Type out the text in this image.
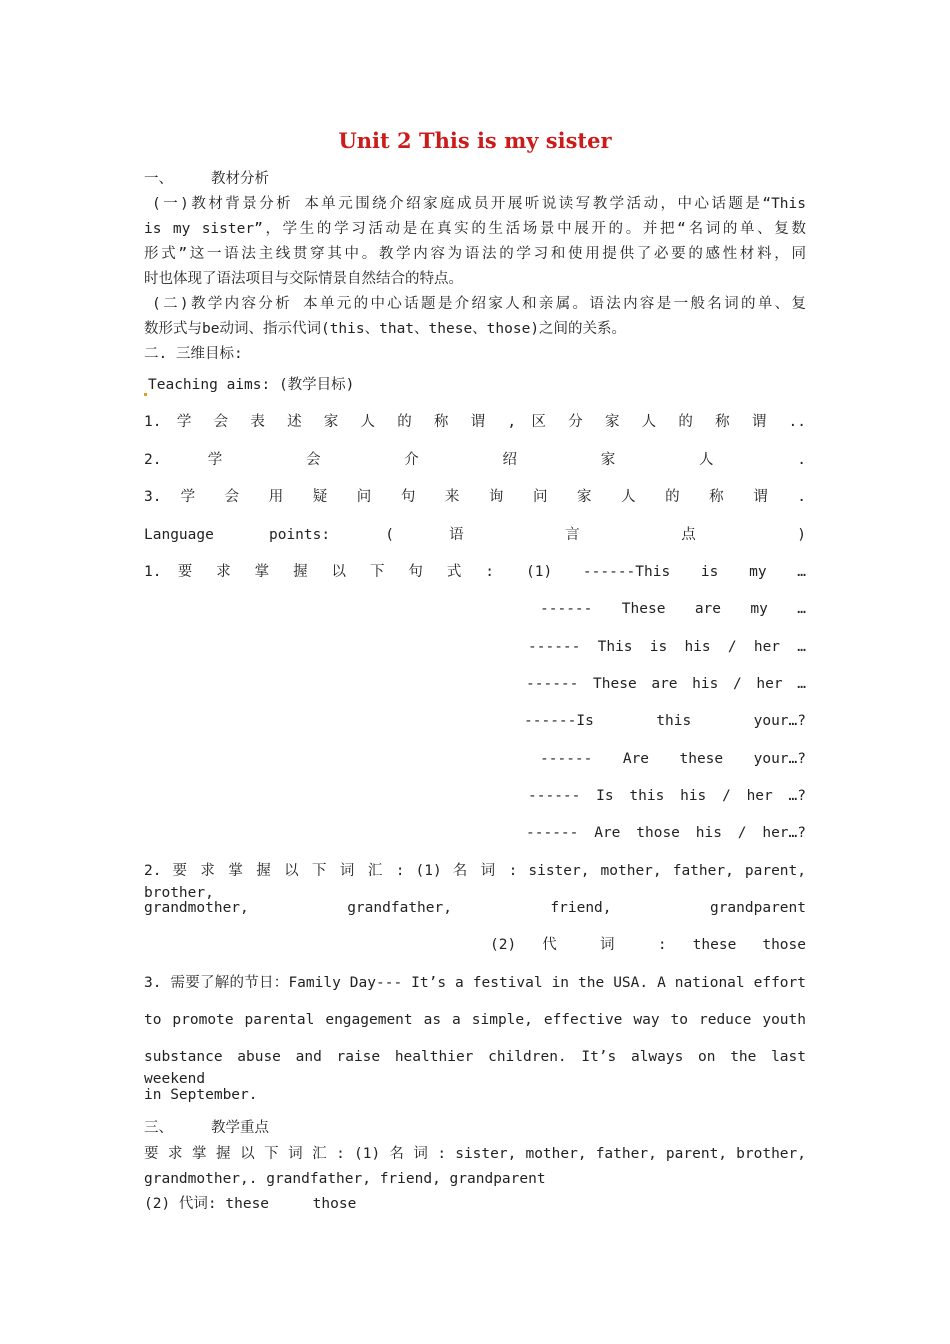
Unit 2 This is my sister
一、	教材分析
(一)教材背景分析 本单元围绕介绍家庭成员开展听说读写教学活动，中心话题是“This
is my sister”，学生的学习活动是在真实的生活场景中展开的。并把“名词的单、复数
形式”这一语法主线贯穿其中。教学内容为语法的学习和使用提供了必要的感性材料，同
时也体现了语法项目与交际情景自然结合的特点。
(二)教学内容分析 本单元的中心话题是介绍家人和亲属。语法内容是一般名词的单、复
数形式与be动词、指示代词(this、that、these、those)之间的关系。
二. 三维目标:
Teaching aims: (教学目标)
1. 学 会 表 述 家 人 的 称 谓 , 区 分 家 人 的 称 谓 ..
2. 学 会 介 绍 家 人 .
3. 学 会 用 疑 问 句 来 询 问 家 人 的 称 谓 .
Language points: ( 语 言 点 )
1. 要 求 掌 握 以 下 句 式 : (1) ------This is my …
------ These are my …
------ This is his / her …
------ These are his / her …
------Is this your…?
------ Are these your…?
------ Is this his / her …?
------ Are those his / her…?
2. 要 求 掌 握 以 下 词 汇 : (1) 名 词 : sister, mother, father, parent, brother,
grandmother, grandfather, friend, grandparent
(2) 代 词 : these those
3. 需要了解的节日：Family Day--- It’s a festival in the USA. A national effort
to promote parental engagement as a simple, effective way to reduce youth
substance abuse and raise healthier children. It’s always on the last weekend
in September.
三、	教学重点
要 求 掌 握 以 下 词 汇 : (1) 名 词 : sister, mother, father, parent, brother,
grandmother,. grandfather, friend, grandparent
(2) 代词: these     those
